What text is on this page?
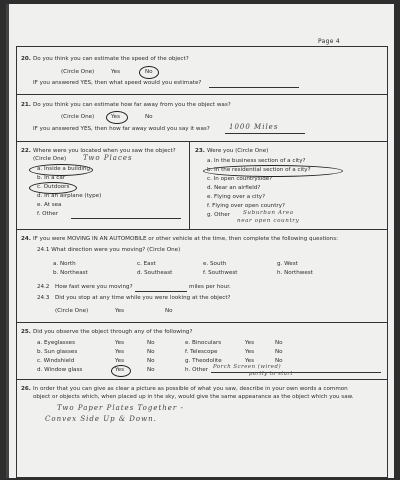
Page 4
20. Do you think you can estimate the speed of the object?
(Circle One)	Yes	No
IF you answered YES, then what speed would you estimate?
21. Do you think you can estimate how far away from you the object was?
(Circle One)	Yes	No
IF you answered YES, then how far away would you say it was?	1000 Miles
22. Where were you located when you saw the object?
(Circle One) Two Places
a. Inside a building
b. In a car
c. Outdoors
d. In an airplane (type)
e. At sea
f. Other
23. Were you (Circle One)
a. In the business section of a city?
b. In the residential section of a city?
c. In open countryside?
d. Near an airfield?
e. Flying over a city?
f. Flying over open country?
g. Other Suburban Area
near open country
24. IF you were MOVING IN AN AUTOMOBILE or other vehicle at the time, then complete the following questions:
24.1 What direction were you moving? (Circle One)
a. North	c. East	e. South	g. West
b. Northeast	d. Southeast	f. Southwest	h. Northwest
24.2 How fast were you moving?	miles per hour.
24.3 Did you stop at any time while you were looking at the object?
(Circle One)	Yes	No
25. Did you observe the object through any of the following?
a. Eyeglasses	Yes	No
b. Sun glasses	Yes	No
c. Windshield	Yes	No
d. Window glass	Yes	No
e. Binoculars	Yes	No
f. Telescope	Yes	No
g. Theodolite	Yes	No
h. Other Porch Screen (wired)
partly to start
26. In order that you can give as clear a picture as possible of what you saw, describe in your own words a common
object or objects which, when placed up in the sky, would give the same appearance as the object which you saw.
Two Paper Plates Together -
Convex Side Up & Down.
